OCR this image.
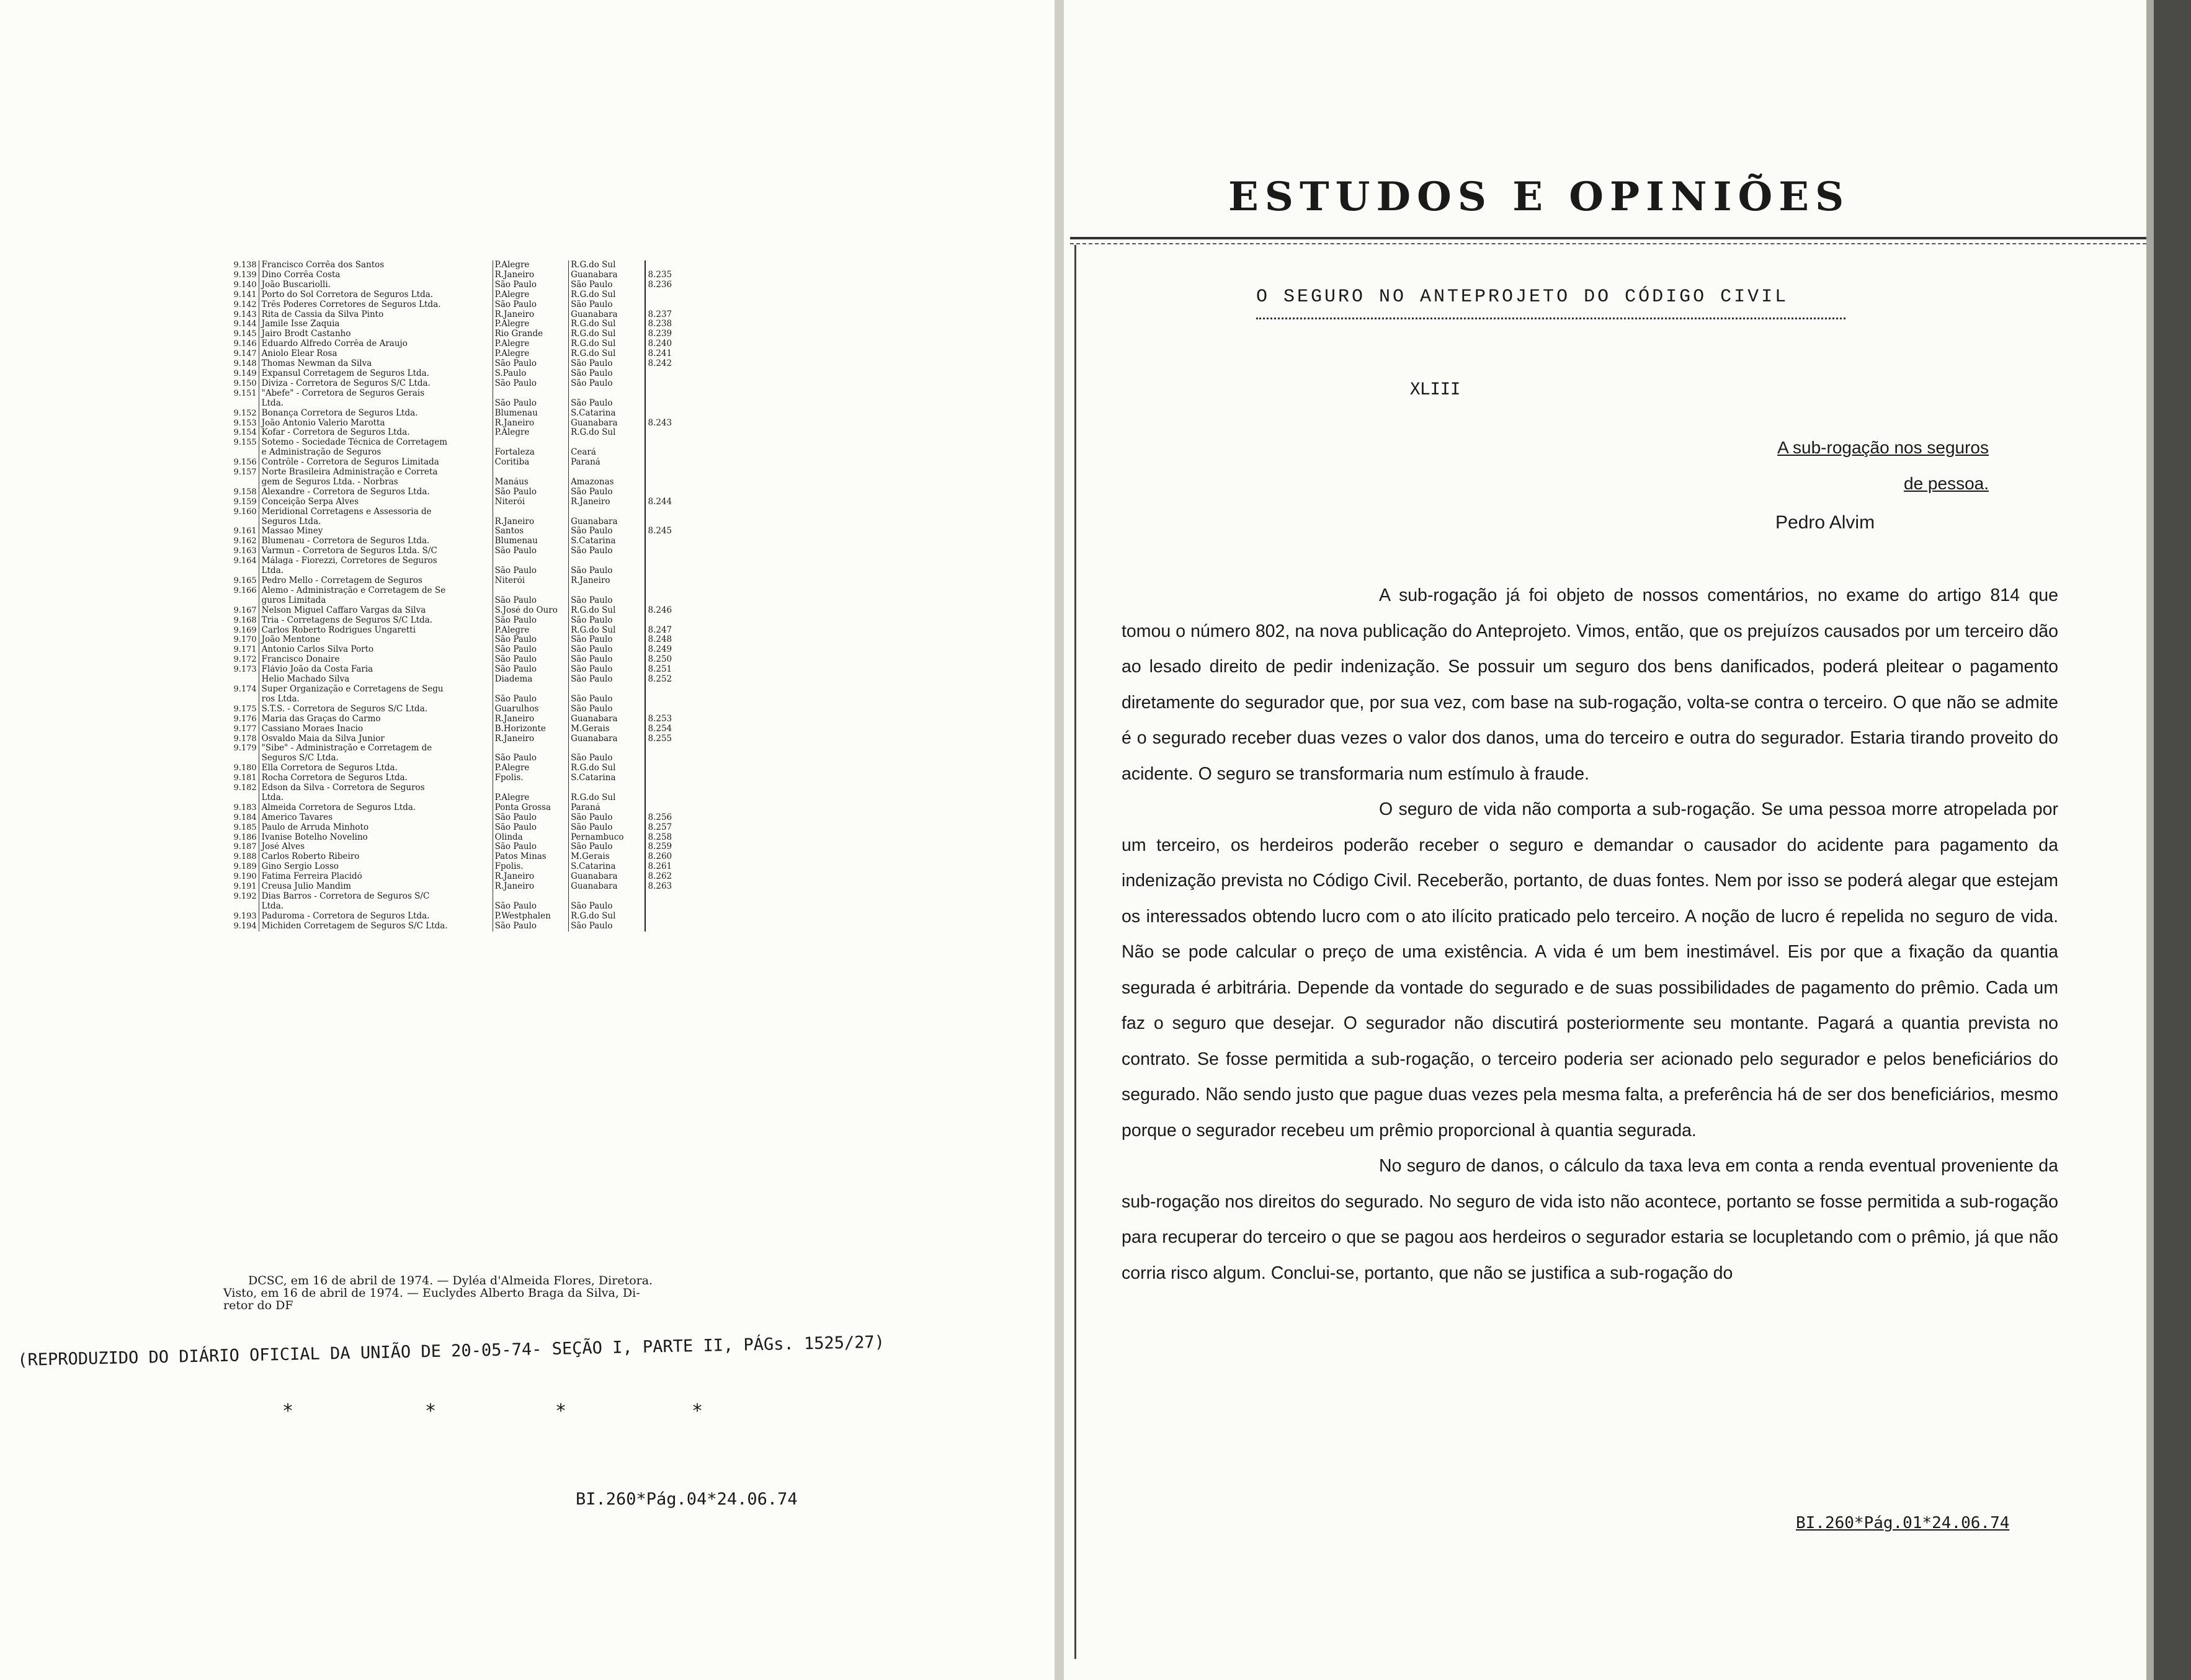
9.138 Francisco Corrêa dos Santos	P.Alegre	R.G.do Sul
9.139 Dino Corrêa Costa	R.Janeiro	Guanabara	8.235
9.140 João Buscariolli.	São Paulo	São Paulo	8.236
9.141 Porto do Sol Corretora de Seguros Ltda.	P.Alegre	R.G.do Sul
9.142 Três Poderes Corretores de Seguros Ltda.	São Paulo	São Paulo
9.143 Rita de Cassia da Silva Pinto	R.Janeiro	Guanabara	8.237
9.144 Jamile Isse Zaquia	P.Alegre	R.G.do Sul	8.238
9.145 Jairo Brodt Castanho	Rio Grande	R.G.do Sul	8.239
9.146 Eduardo Alfredo Corrêa de Araujo	P.Alegre	R.G.do Sul	8.240
9.147 Aniolo Elear Rosa	P.Alegre	R.G.do Sul	8.241
9.148 Thomas Newman da Silva	São Paulo	São Paulo	8.242
9.149 Expansul Corretagem de Seguros Ltda.	S.Paulo	São Paulo
9.150 Diviza - Corretora de Seguros S/C Ltda.	São Paulo	São Paulo
9.151 "Abefe" - Corretora de Seguros Gerais
Ltda.	São Paulo	São Paulo
9.152 Bonança Corretora de Seguros Ltda.	Blumenau	S.Catarina
9.153 João Antonio Valerio Marotta	R.Janeiro	Guanabara	8.243
9.154 Kofar - Corretora de Seguros Ltda.	P.Alegre	R.G.do Sul
9.155 Sotemo - Sociedade Técnica de Corretagem
e Administração de Seguros	Fortaleza	Ceará
9.156 Contrôle - Corretora de Seguros Limitada	Coritiba	Paraná
9.157 Norte Brasileira Administração e Correta
gem de Seguros Ltda. - Norbras	Manáus	Amazonas
9.158 Alexandre - Corretora de Seguros Ltda.	São Paulo	São Paulo
9.159 Conceição Serpa Alves	Niterói	R.Janeiro	8.244
9.160 Meridional Corretagens e Assessoria de
Seguros Ltda.	R.Janeiro	Guanabara
9.161 Massao Miney	Santos	São Paulo	8.245
9.162 Blumenau - Corretora de Seguros Ltda.	Blumenau	S.Catarina
9.163 Varmun - Corretora de Seguros Ltda. S/C	São Paulo	São Paulo
9.164 Málaga - Fiorezzi, Corretores de Seguros
Ltda.	São Paulo	São Paulo
9.165 Pedro Mello - Corretagem de Seguros	Niterói	R.Janeiro
9.166 Alemo - Administração e Corretagem de Se
guros Limitada	São Paulo	São Paulo
9.167 Nelson Miguel Caffaro Vargas da Silva	S.José do Ouro	R.G.do Sul	8.246
9.168 Tria - Corretagens de Seguros S/C Ltda.	São Paulo	São Paulo
9.169 Carlos Roberto Rodrigues Ungaretti	P.Alegre	R.G.do Sul	8.247
9.170 João Mentone	São Paulo	São Paulo	8.248
9.171 Antonio Carlos Silva Porto	São Paulo	São Paulo	8.249
9.172 Francisco Donaire	São Paulo	São Paulo	8.250
9.173 Flávio João da Costa Faria	São Paulo	São Paulo	8.251
Helio Machado Silva	Diadema	São Paulo	8.252
9.174 Super Organização e Corretagens de Segu
ros Ltda.	São Paulo	São Paulo
9.175 S.T.S. - Corretora de Seguros S/C Ltda.	Guarulhos	São Paulo
9.176 Maria das Graças do Carmo	R.Janeiro	Guanabara	8.253
9.177 Cassiano Moraes Inacio	B.Horizonte	M.Gerais	8.254
9.178 Osvaldo Maia da Silva Junior	R.Janeiro	Guanabara	8.255
9.179 "Sibe" - Administração e Corretagem de
Seguros S/C Ltda.	São Paulo	São Paulo
9.180 Ella Corretora de Seguros Ltda.	P.Alegre	R.G.do Sul
9.181 Rocha Corretora de Seguros Ltda.	Fpolis.	S.Catarina
9.182 Edson da Silva - Corretora de Seguros
Ltda.	P.Alegre	R.G.do Sul
9.183 Almeida Corretora de Seguros Ltda.	Ponta Grossa	Paraná
9.184 Americo Tavares	São Paulo	São Paulo	8.256
9.185 Paulo de Arruda Minhoto	São Paulo	São Paulo	8.257
9.186 Ivanise Botelho Novelino	Olinda	Pernambuco	8.258
9.187 José Alves	São Paulo	São Paulo	8.259
9.188 Carlos Roberto Ribeiro	Patos Minas	M.Gerais	8.260
9.189 Gino Sergio Losso	Fpolis.	S.Catarina	8.261
9.190 Fatima Ferreira Placidó	R.Janeiro	Guanabara	8.262
9.191 Creusa Julio Mandim	R.Janeiro	Guanabara	8.263
9.192 Dias Barros - Corretora de Seguros S/C
Ltda.	São Paulo	São Paulo
9.193 Paduroma - Corretora de Seguros Ltda.	P.Westphalen	R.G.do Sul
9.194 Michiden Corretagem de Seguros S/C Ltda.	São Paulo	São Paulo
DCSC, em 16 de abril de 1974. — Dyléa d'Almeida Flores, Diretora.
Visto, em 16 de abril de 1974. — Euclydes Alberto Braga da Silva, Di-
retor do DF
(REPRODUZIDO DO DIÁRIO OFICIAL DA UNIÃO DE 20-05-74- SEÇÃO I, PARTE II, PÁGs. 1525/27)
*	*	*	*
BI.260*Pág.04*24.06.74
ESTUDOS E OPINIÕES
O SEGURO NO ANTEPROJETO DO CÓDIGO CIVIL
XLIII
A sub-rogação nos seguros
de pessoa.
Pedro Alvim

A sub-rogação já foi objeto de nossos comentários, no exame do artigo 814 que tomou o número 802, na nova publicação do Anteprojeto. Vimos, então, que os prejuízos causados por um terceiro dão ao lesado direito de pedir indenização. Se possuir um seguro dos bens danificados, poderá pleitear o pagamento diretamente do segurador que, por sua vez, com base na sub-rogação, volta-se contra o terceiro. O que não se admite é o segurado receber duas vezes o valor dos danos, uma do terceiro e outra do segurador. Estaria tirando proveito do acidente. O seguro se transformaria num estímulo à fraude.

O seguro de vida não comporta a sub-rogação. Se uma pessoa morre atropelada por um terceiro, os herdeiros poderão receber o seguro e demandar o causador do acidente para pagamento da indenização prevista no Código Civil. Receberão, portanto, de duas fontes. Nem por isso se poderá alegar que estejam os interessados obtendo lucro com o ato ilícito praticado pelo terceiro. A noção de lucro é repelida no seguro de vida. Não se pode calcular o preço de uma existência. A vida é um bem inestimável. Eis por que a fixação da quantia segurada é arbitrária. Depende da vontade do segurado e de suas possibilidades de pagamento do prêmio. Cada um faz o seguro que desejar. O segurador não discutirá posteriormente seu montante. Pagará a quantia prevista no contrato. Se fosse permitida a sub-rogação, o terceiro poderia ser acionado pelo segurador e pelos beneficiários do segurado. Não sendo justo que pague duas vezes pela mesma falta, a preferência há de ser dos beneficiários, mesmo porque o segurador recebeu um prêmio proporcional à quantia segurada.

No seguro de danos, o cálculo da taxa leva em conta a renda eventual proveniente da sub-rogação nos direitos do segurado. No seguro de vida isto não acontece, portanto se fosse permitida a sub-rogação para recuperar do terceiro o que se pagou aos herdeiros o segurador estaria se locupletando com o prêmio, já que não corria risco algum. Conclui-se, portanto, que não se justifica a sub-rogação do

BI.260*Pág.01*24.06.74
